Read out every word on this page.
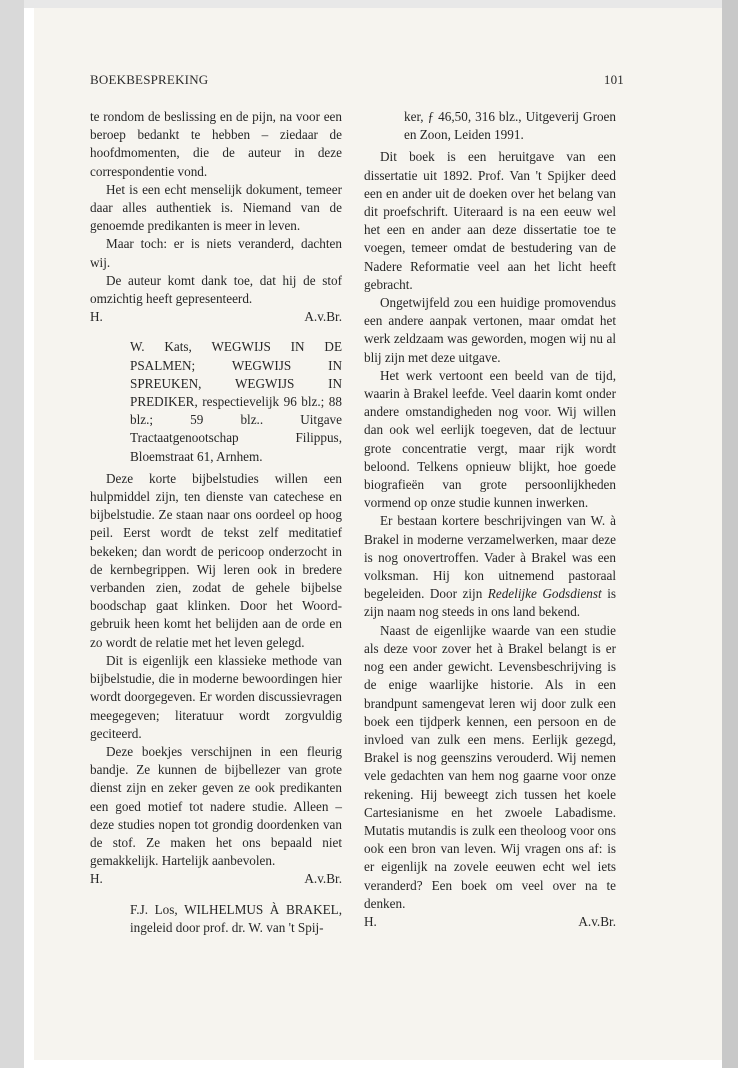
BOEKBESPREKING	101

te rondom de beslissing en de pijn, na voor een beroep bedankt te hebben – ziedaar de hoofdmomenten, die de auteur in deze correspondentie vond.

Het is een echt menselijk dokument, temeer daar alles authentiek is. Niemand van de genoemde predikanten is meer in leven.

Maar toch: er is niets veranderd, dachten wij.

De auteur komt dank toe, dat hij de stof omzichtig heeft gepresenteerd.

H.	A.v.Br.
W. Kats, WEGWIJS IN DE PSALMEN; WEGWIJS IN SPREUKEN, WEGWIJS IN PREDIKER, respectievelijk 96 blz.; 88 blz.; 59 blz.. Uitgave Tractaatgenootschap Filippus, Bloemstraat 61, Arnhem.

Deze korte bijbelstudies willen een hulpmiddel zijn, ten dienste van catechese en bijbelstudie. Ze staan naar ons oordeel op hoog peil. Eerst wordt de tekst zelf meditatief bekeken; dan wordt de pericoop onderzocht in de kernbegrippen. Wij leren ook in bredere verbanden zien, zodat de gehele bijbelse boodschap gaat klinken. Door het Woord-gebruik heen komt het belijden aan de orde en zo wordt de relatie met het leven gelegd.

Dit is eigenlijk een klassieke methode van bijbelstudie, die in moderne bewoordingen hier wordt doorgegeven. Er worden discussievragen meegegeven; literatuur wordt zorgvuldig geciteerd.

Deze boekjes verschijnen in een fleurig bandje. Ze kunnen de bijbellezer van grote dienst zijn en zeker geven ze ook predikanten een goed motief tot nadere studie. Alleen – deze studies nopen tot grondig doordenken van de stof. Ze maken het ons bepaald niet gemakkelijk. Hartelijk aanbevolen.

H.	A.v.Br.
F.J. Los, WILHELMUS À BRAKEL, ingeleid door prof. dr. W. van 't Spij-
ker, ƒ 46,50, 316 blz., Uitgeverij Groen en Zoon, Leiden 1991.

Dit boek is een heruitgave van een dissertatie uit 1892. Prof. Van 't Spijker deed een en ander uit de doeken over het belang van dit proefschrift. Uiteraard is na een eeuw wel het een en ander aan deze dissertatie toe te voegen, temeer omdat de bestudering van de Nadere Reformatie veel aan het licht heeft gebracht.

Ongetwijfeld zou een huidige promovendus een andere aanpak vertonen, maar omdat het werk zeldzaam was geworden, mogen wij nu al blij zijn met deze uitgave.

Het werk vertoont een beeld van de tijd, waarin à Brakel leefde. Veel daarin komt onder andere omstandigheden nog voor. Wij willen dan ook wel eerlijk toegeven, dat de lectuur grote concentratie vergt, maar rijk wordt beloond. Telkens opnieuw blijkt, hoe goede biografieën van grote persoonlijkheden vormend op onze studie kunnen inwerken.

Er bestaan kortere beschrijvingen van W. à Brakel in moderne verzamelwerken, maar deze is nog onovertroffen. Vader à Brakel was een volksman. Hij kon uitnemend pastoraal begeleiden. Door zijn Redelijke Godsdienst is zijn naam nog steeds in ons land bekend.

Naast de eigenlijke waarde van een studie als deze voor zover het à Brakel belangt is er nog een ander gewicht. Levensbeschrijving is de enige waarlijke historie. Als in een brandpunt samengevat leren wij door zulk een boek een tijdperk kennen, een persoon en de invloed van zulk een mens. Eerlijk gezegd, Brakel is nog geenszins verouderd. Wij nemen vele gedachten van hem nog gaarne voor onze rekening. Hij beweegt zich tussen het koele Cartesianisme en het zwoele Labadisme. Mutatis mutandis is zulk een theoloog voor ons ook een bron van leven. Wij vragen ons af: is er eigenlijk na zovele eeuwen echt wel iets veranderd? Een boek om veel over na te denken.

H.	A.v.Br.
